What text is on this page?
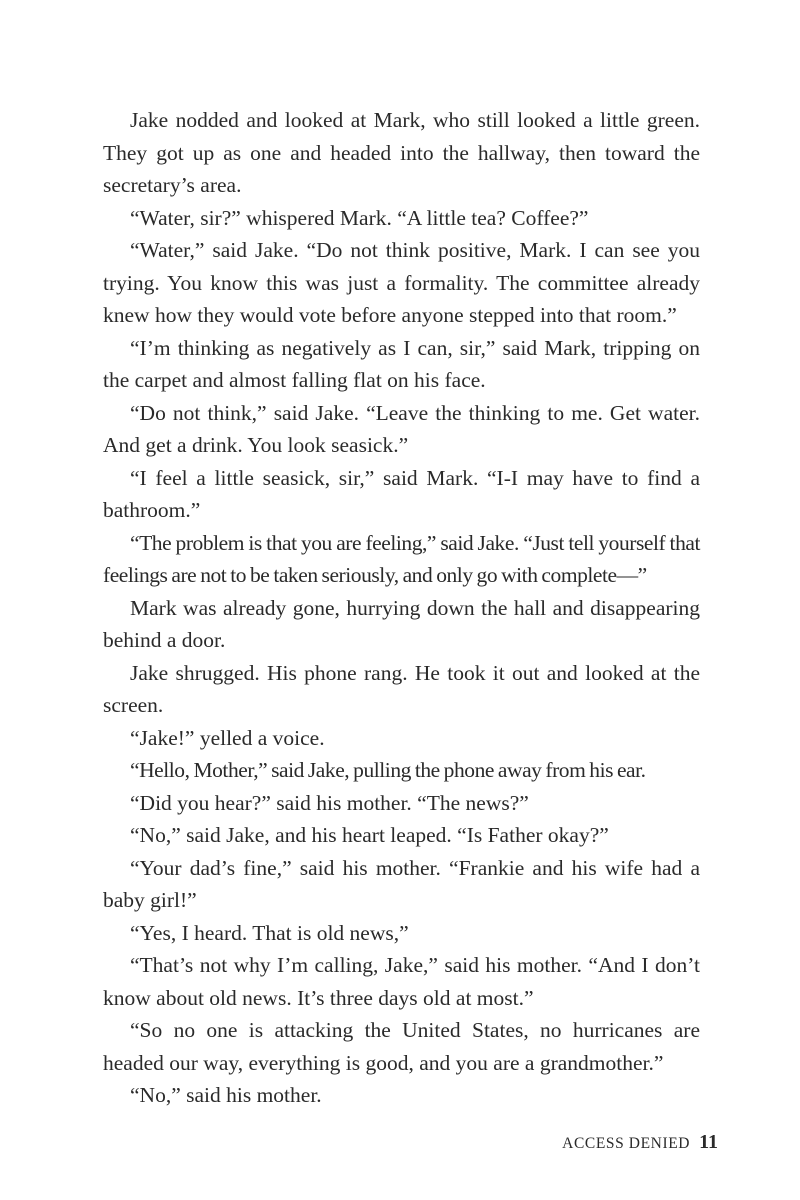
Jake nodded and looked at Mark, who still looked a little green. They got up as one and headed into the hallway, then toward the secretary’s area.

“Water, sir?” whispered Mark. “A little tea? Coffee?”

“Water,” said Jake. “Do not think positive, Mark. I can see you trying. You know this was just a formality. The committee already knew how they would vote before anyone stepped into that room.”

“I’m thinking as negatively as I can, sir,” said Mark, tripping on the carpet and almost falling flat on his face.

“Do not think,” said Jake. “Leave the thinking to me. Get water. And get a drink. You look seasick.”

“I feel a little seasick, sir,” said Mark. “I-I may have to find a bathroom.”

“The problem is that you are feeling,” said Jake. “Just tell yourself that feelings are not to be taken seriously, and only go with complete—”

Mark was already gone, hurrying down the hall and disappearing behind a door.

Jake shrugged. His phone rang. He took it out and looked at the screen.

“Jake!” yelled a voice.

“Hello, Mother,” said Jake, pulling the phone away from his ear.

“Did you hear?” said his mother. “The news?”

“No,” said Jake, and his heart leaped. “Is Father okay?”

“Your dad’s fine,” said his mother. “Frankie and his wife had a baby girl!”

“Yes, I heard. That is old news,”

“That’s not why I’m calling, Jake,” said his mother. “And I don’t know about old news. It’s three days old at most.”

“So no one is attacking the United States, no hurricanes are headed our way, everything is good, and you are a grandmother.”

“No,” said his mother.

ACCESS DENIED 11
